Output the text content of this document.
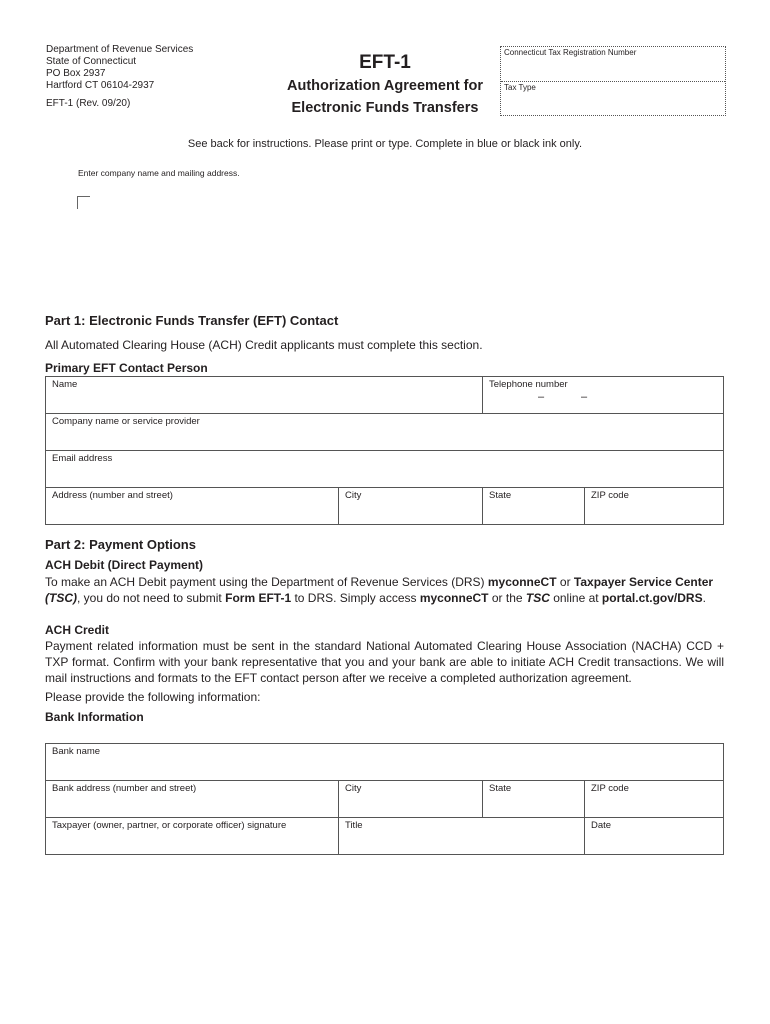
Department of Revenue Services
State of Connecticut
PO Box 2937
Hartford CT 06104-2937
EFT-1 (Rev. 09/20)
EFT-1
Authorization Agreement for
Electronic Funds Transfers
Connecticut Tax Registration Number
Tax Type
See back for instructions. Please print or type. Complete in blue or black ink only.
Enter company name and mailing address.
Part 1: Electronic Funds Transfer (EFT) Contact
All Automated Clearing House (ACH) Credit applicants must complete this section.
Primary EFT Contact Person
Name	Telephone number
–	–
Company name or service provider
Email address
Address (number and street)	City	State	ZIP code
Part 2: Payment Options
ACH Debit (Direct Payment)
To make an ACH Debit payment using the Department of Revenue Services (DRS) myconneCT or Taxpayer Service Center
(TSC), you do not need to submit Form EFT-1 to DRS. Simply access myconneCT or the TSC online at portal.ct.gov/DRS.
ACH Credit
Payment related information must be sent in the standard National Automated Clearing House Association (NACHA) CCD + TXP format. Confirm with your bank representative that you and your bank are able to initiate ACH Credit transactions. We will mail instructions and formats to the EFT contact person after we receive a completed authorization agreement.
Please provide the following information:
Bank Information
Bank name
Bank address (number and street)	City	State	ZIP code
Taxpayer (owner, partner, or corporate officer) signature	Title	Date
